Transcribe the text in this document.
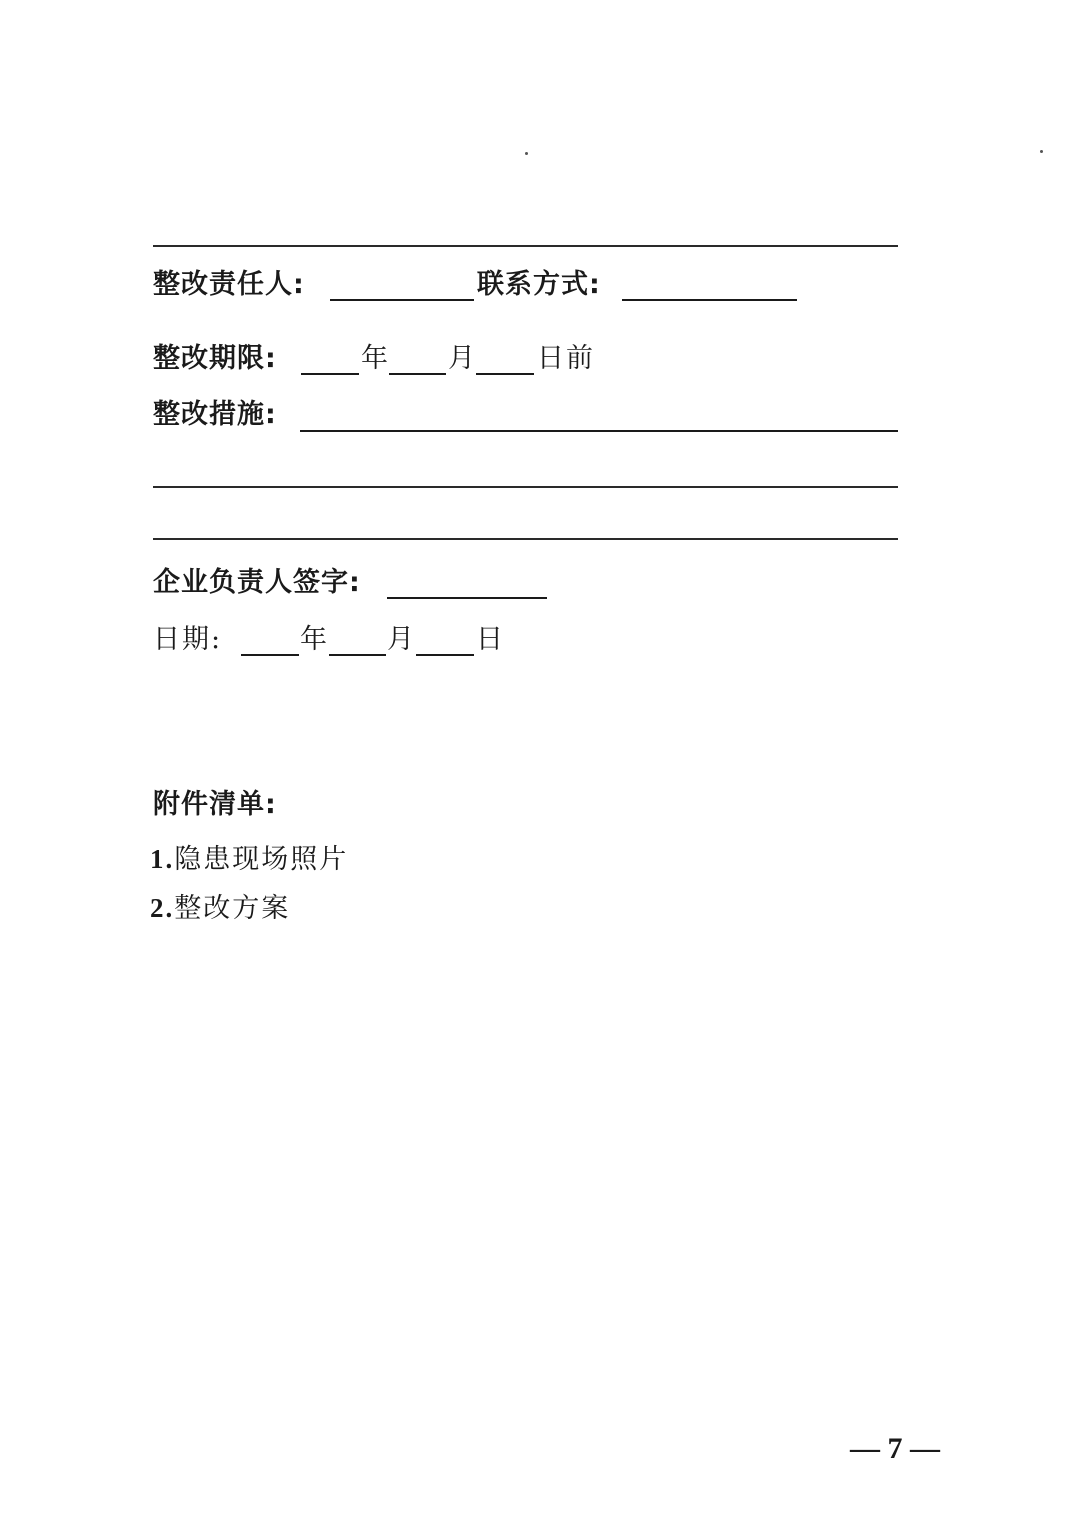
整改责任人:	联系方式:
整改期限:	年 月 日前
整改措施:
企业负责人签字:
日期:	年 月 日
附件清单:
1.隐患现场照片
2.整改方案
— 7 —
